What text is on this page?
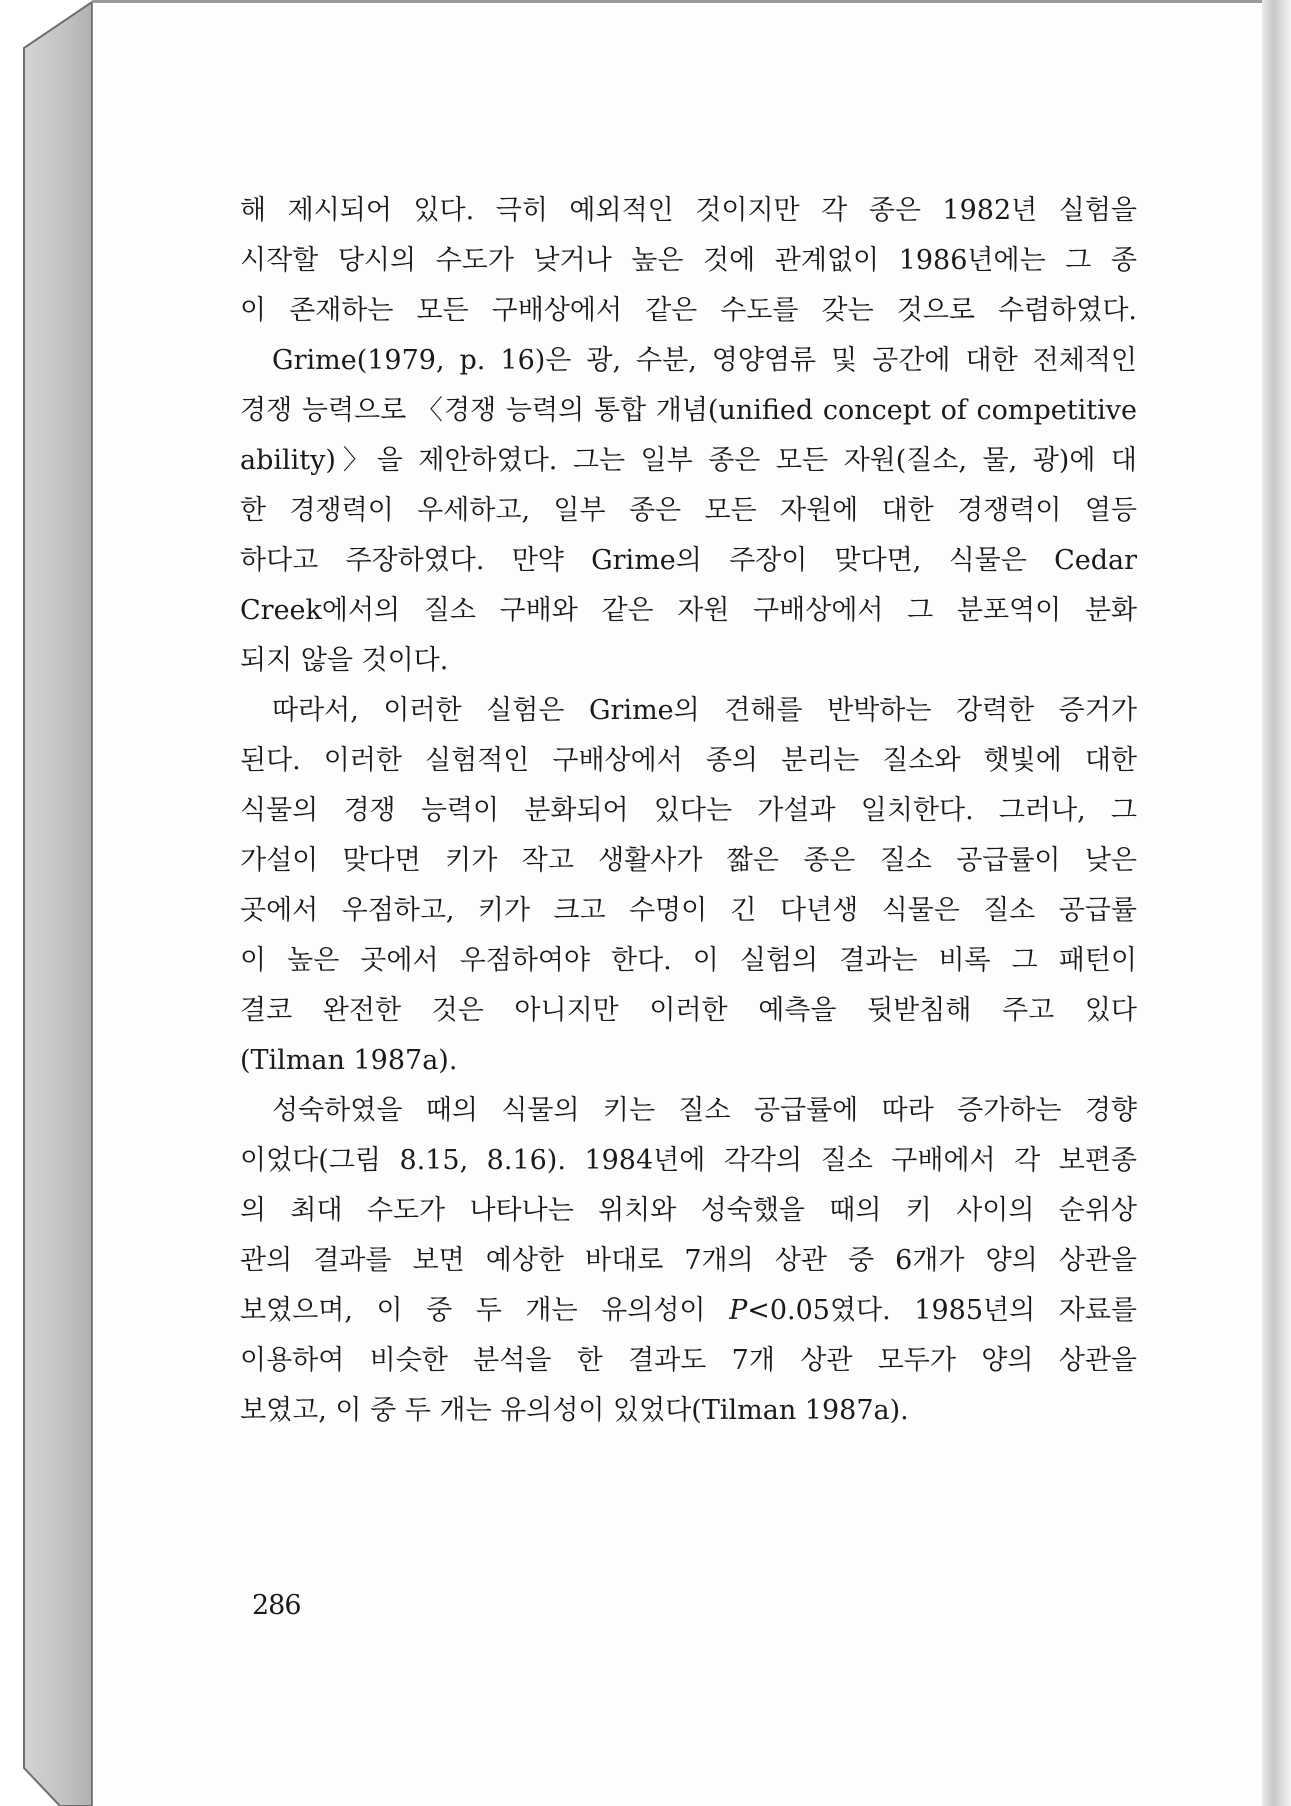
해 제시되어 있다. 극히 예외적인 것이지만 각 종은 1982년 실험을
시작할 당시의 수도가 낮거나 높은 것에 관계없이 1986년에는 그 종
이 존재하는 모든 구배상에서 같은 수도를 갖는 것으로 수렴하였다.
Grime(1979, p. 16)은 광, 수분, 영양염류 및 공간에 대한 전체적인
경쟁 능력으로 〈경쟁 능력의 통합 개념(unified concept of competitive
ability)〉을 제안하였다. 그는 일부 종은 모든 자원(질소, 물, 광)에 대
한 경쟁력이 우세하고, 일부 종은 모든 자원에 대한 경쟁력이 열등
하다고 주장하였다. 만약 Grime의 주장이 맞다면, 식물은 Cedar
Creek에서의 질소 구배와 같은 자원 구배상에서 그 분포역이 분화
되지 않을 것이다.
따라서, 이러한 실험은 Grime의 견해를 반박하는 강력한 증거가
된다. 이러한 실험적인 구배상에서 종의 분리는 질소와 햇빛에 대한
식물의 경쟁 능력이 분화되어 있다는 가설과 일치한다. 그러나, 그
가설이 맞다면 키가 작고 생활사가 짧은 종은 질소 공급률이 낮은
곳에서 우점하고, 키가 크고 수명이 긴 다년생 식물은 질소 공급률
이 높은 곳에서 우점하여야 한다. 이 실험의 결과는 비록 그 패턴이
결코 완전한 것은 아니지만 이러한 예측을 뒷받침해 주고 있다
(Tilman 1987a).
성숙하였을 때의 식물의 키는 질소 공급률에 따라 증가하는 경향
이었다(그림 8.15, 8.16). 1984년에 각각의 질소 구배에서 각 보편종
의 최대 수도가 나타나는 위치와 성숙했을 때의 키 사이의 순위상
관의 결과를 보면 예상한 바대로 7개의 상관 중 6개가 양의 상관을
보였으며, 이 중 두 개는 유의성이 P<0.05였다. 1985년의 자료를
이용하여 비슷한 분석을 한 결과도 7개 상관 모두가 양의 상관을
보였고, 이 중 두 개는 유의성이 있었다(Tilman 1987a).
286
